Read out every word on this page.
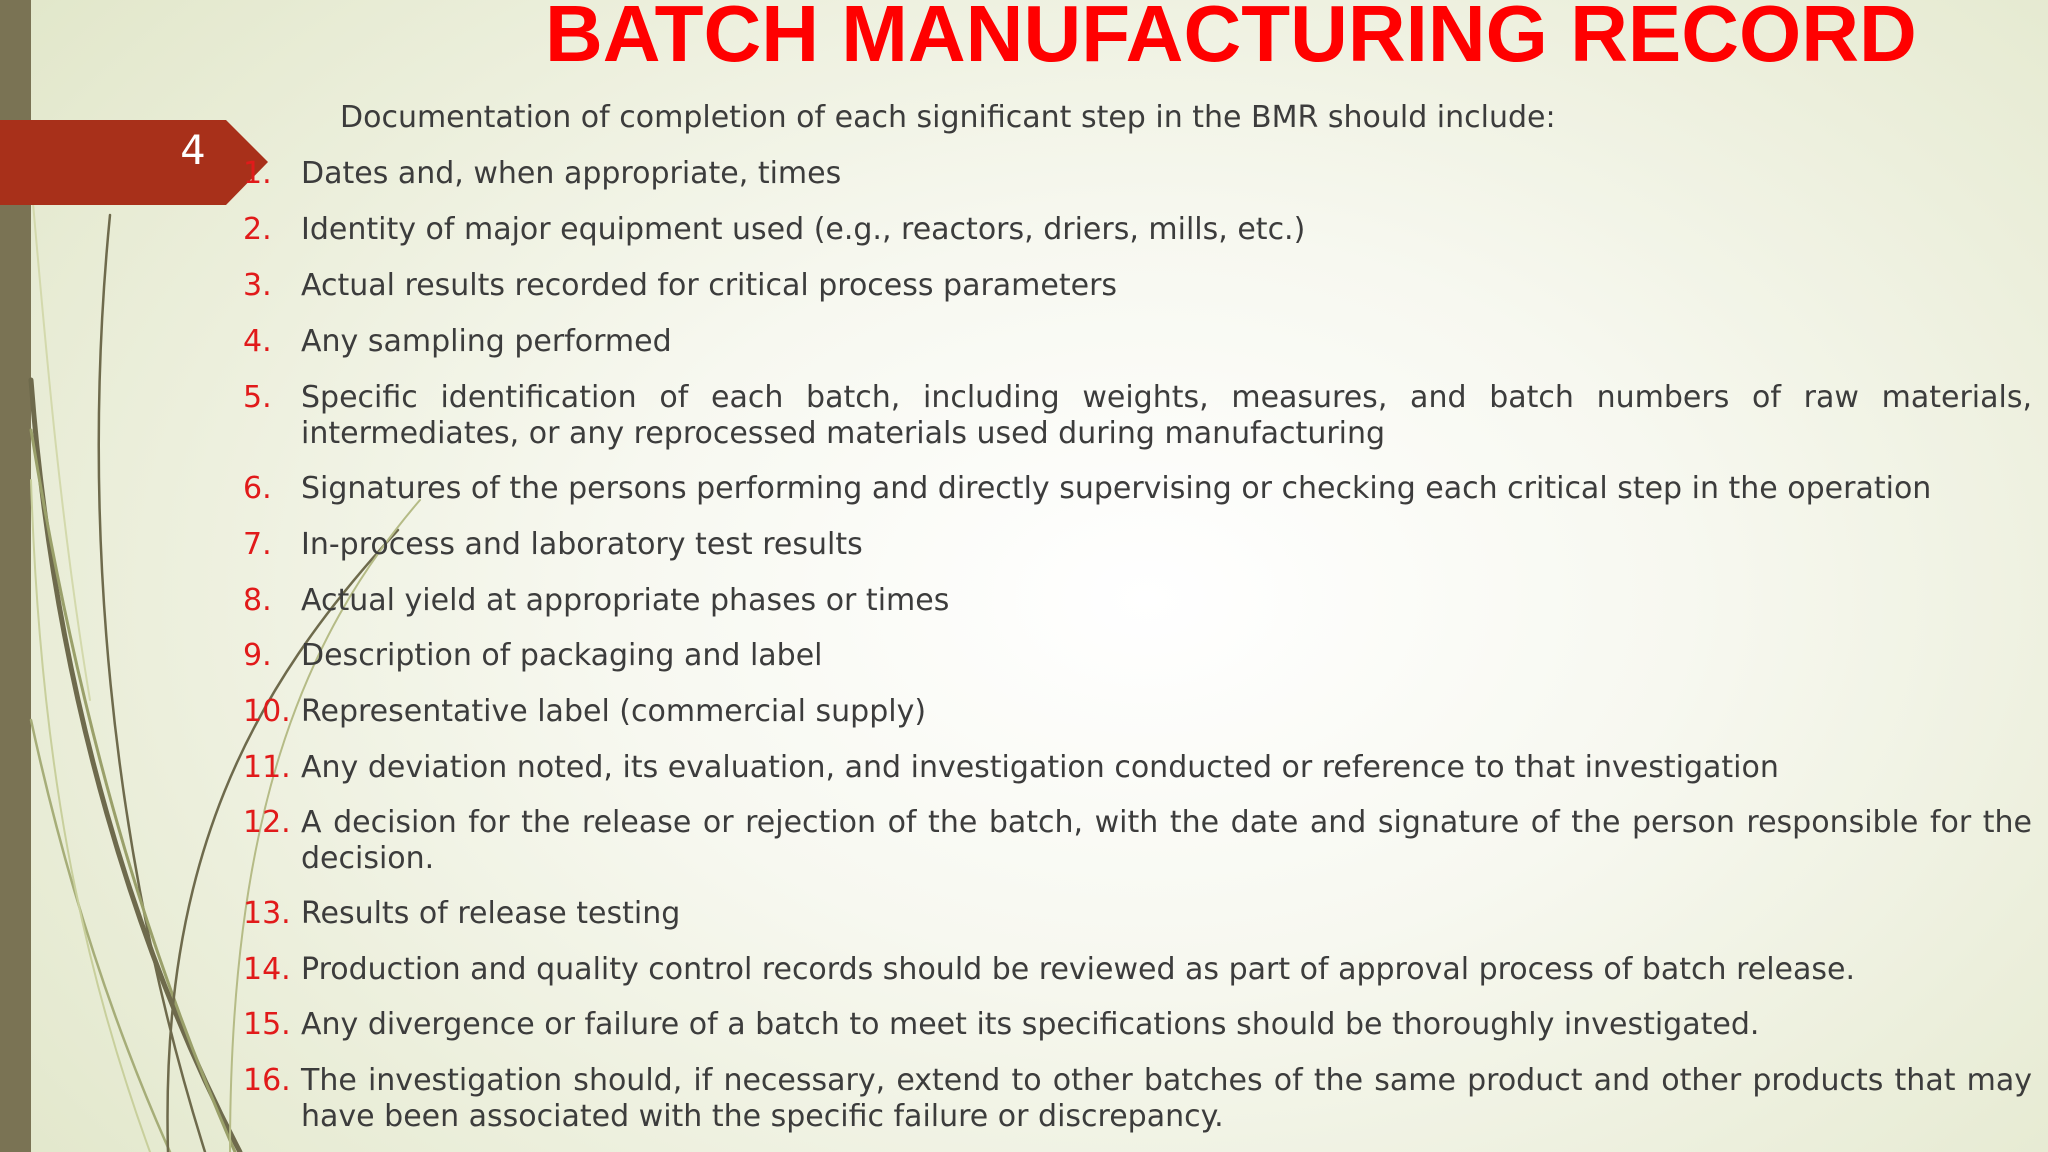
4
BATCH MANUFACTURING RECORD
Documentation of completion of each significant step in the BMR should include:
1. Dates and, when appropriate, times
2. Identity of major equipment used (e.g., reactors, driers, mills, etc.)
3. Actual results recorded for critical process parameters
4. Any sampling performed
5. Specific identification of each batch, including weights, measures, and batch numbers of raw materials, intermediates, or any reprocessed materials used during manufacturing
6. Signatures of the persons performing and directly supervising or checking each critical step in the operation
7. In-process and laboratory test results
8. Actual yield at appropriate phases or times
9. Description of packaging and label
10. Representative label (commercial supply)
11. Any deviation noted, its evaluation, and investigation conducted or reference to that investigation
12. A decision for the release or rejection of the batch, with the date and signature of the person responsible for the decision.
13. Results of release testing
14. Production and quality control records should be reviewed as part of approval process of batch release.
15. Any divergence or failure of a batch to meet its specifications should be thoroughly investigated.
16. The investigation should, if necessary, extend to other batches of the same product and other products that may have been associated with the specific failure or discrepancy.
